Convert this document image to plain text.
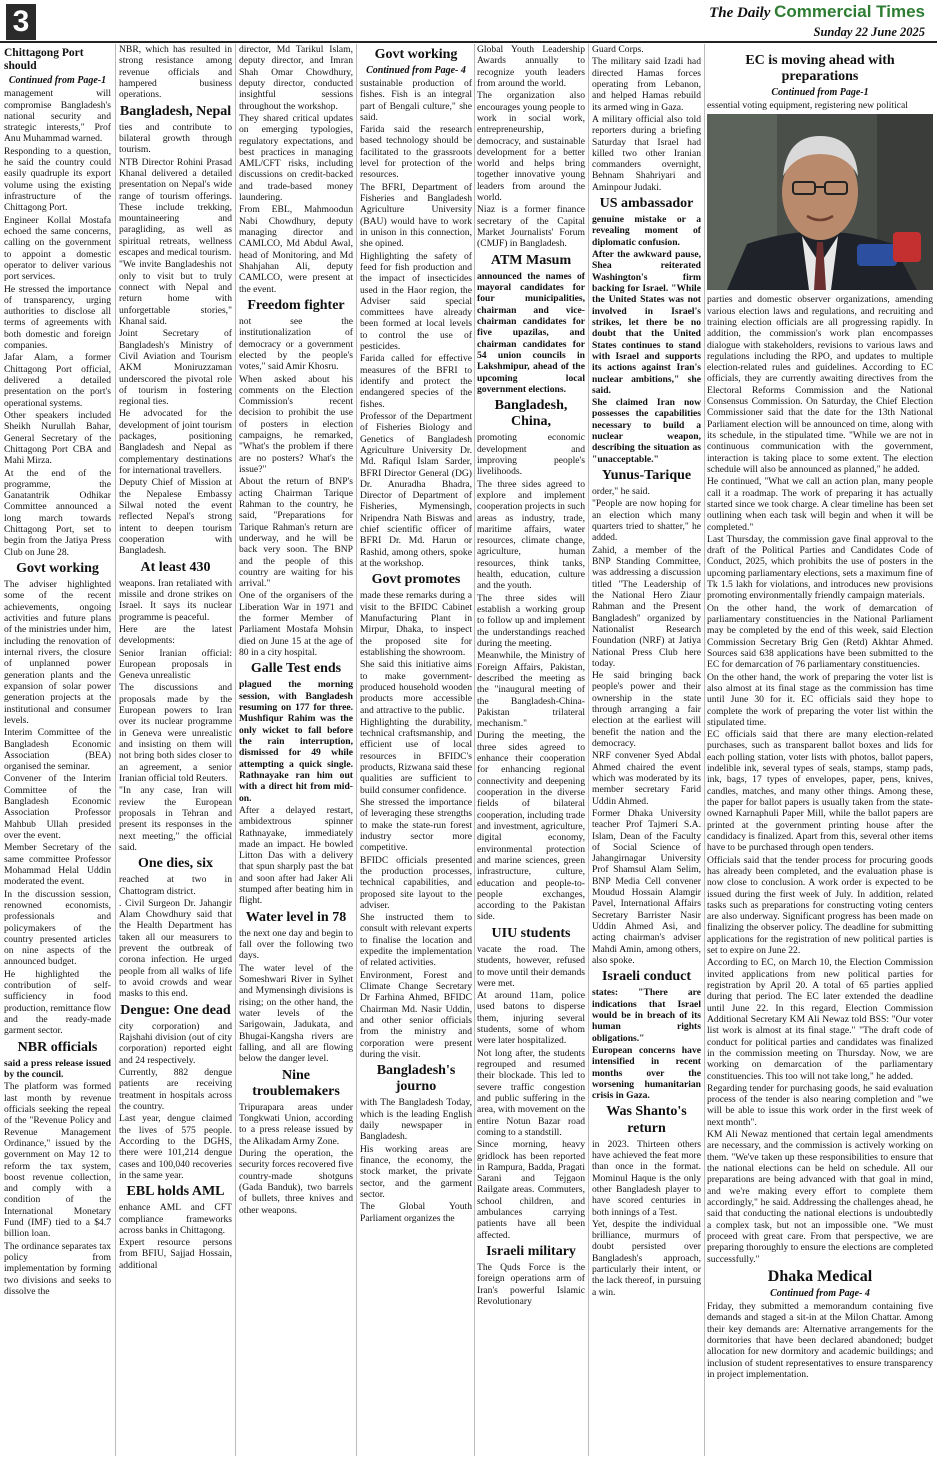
3	The Daily Commercial Times
Sunday 22 June 2025
Chittagong Port should
Continued from Page-1

management will compromise Bangladesh's national security and strategic interests," Prof Anu Muhammad warned.

Responding to a question, he said the country could easily quadruple its export volume using the existing infrastructure of the Chittagong Port.

Engineer Kollal Mostafa echoed the same concerns, calling on the government to appoint a domestic operator to deliver various port services.

He stressed the importance of transparency, urging authorities to disclose all terms of agreements with both domestic and foreign companies.

Jafar Alam, a former Chittagong Port official, delivered a detailed presentation on the port's operational systems.

Other speakers included Sheikh Nurullah Bahar, General Secretary of the Chittagong Port CBA and Mahi Mirza.

At the end of the programme, the Ganatantrik Odhikar Committee announced a long march towards Chittagong Port, set to begin from the Jatiya Press Club on June 28.

Govt working

The adviser highlighted some of the recent achievements, ongoing activities and future plans of the ministries under him, including the renovation of internal rivers, the closure of unplanned power generation plants and the expansion of solar power generation projects at the institutional and consumer levels.

Interim Committee of the Bangladesh Economic Association (BEA) organised the seminar.

Convener of the Interim Committee of the Bangladesh Economic Association Professor Mahbub Ullah presided over the event.

Member Secretary of the same committee Professor Mohammad Helal Uddin moderated the event.

In the discussion session, renowned economists, professionals and policymakers of the country presented articles on nine aspects of the announced budget.

He highlighted the contribution of self-sufficiency in food production, remittance flow and the ready-made garment sector.

NBR officials

said a press release issued by the council.

The platform was formed last month by revenue officials seeking the repeal of the "Revenue Policy and Revenue Management Ordinance," issued by the government on May 12 to reform the tax system, boost revenue collection, and comply with a condition of the International Monetary Fund (IMF) tied to a $4.7 billion loan.

The ordinance separates tax policy from implementation by forming two divisions and seeks to dissolve the

NBR, which has resulted in strong resistance among revenue officials and hampered business operations.

Bangladesh, Nepal

ties and contribute to bilateral growth through tourism.

NTB Director Rohini Prasad Khanal delivered a detailed presentation on Nepal's wide range of tourism offerings. These include trekking, mountaineering and paragliding, as well as spiritual retreats, wellness escapes and medical tourism.

"We invite Bangladeshis not only to visit but to truly connect with Nepal and return home with unforgettable stories," Khanal said.

Joint Secretary of Bangladesh's Ministry of Civil Aviation and Tourism AKM Moniruzzaman underscored the pivotal role of tourism in fostering regional ties.

He advocated for the development of joint tourism packages, positioning Bangladesh and Nepal as complementary destinations for international travellers.

Deputy Chief of Mission at the Nepalese Embassy Silwal noted the event reflected Nepal's strong intent to deepen tourism cooperation with Bangladesh.

At least 430

weapons. Iran retaliated with missile and drone strikes on Israel. It says its nuclear programme is peaceful.

Here are the latest developments:

Senior Iranian official: European proposals in Geneva unrealistic

The discussions and proposals made by the European powers to Iran over its nuclear programme in Geneva were unrealistic and insisting on them will not bring both sides closer to an agreement, a senior Iranian official told Reuters.

"In any case, Iran will review the European proposals in Tehran and present its responses in the next meeting," the official said.

One dies, six

reached at two in Chattogram district.

. Civil Surgeon Dr. Jahangir Alam Chowdhury said that the Health Department has taken all our measurers to prevent the outbreak of corona infection. He urged people from all walks of life to avoid crowds and wear masks to this end.

Dengue: One dead

city corporation) and Rajshahi division (out of city corporation) reported eight and 24 respectively.

Currently, 882 dengue patients are receiving treatment in hospitals across the country.

Last year, dengue claimed the lives of 575 people. According to the DGHS, there were 101,214 dengue cases and 100,040 recoveries in the same year.

EBL holds AML

enhance AML and CFT compliance frameworks across banks in Chittagong.

Expert resource persons from BFIU, Sajjad Hossain, additional

director, Md Tarikul Islam, deputy director, and Imran Shah Omar Chowdhury, deputy director, conducted insightful sessions throughout the workshop.

They shared critical updates on emerging typologies, regulatory expectations, and best practices in managing AML/CFT risks, including discussions on credit-backed and trade-based money laundering.

From EBL, Mahmoodun Nabi Chowdhury, deputy managing director and CAMLCO, Md Abdul Awal, head of Monitoring, and Md Shahjahan Ali, deputy CAMLCO, were present at the event.

Freedom fighter

not see the institutionalization of democracy or a government elected by the people's votes," said Amir Khosru.

When asked about his comments on the Election Commission's recent decision to prohibit the use of posters in election campaigns, he remarked, "What's the problem if there are no posters? What's the issue?"

About the return of BNP's acting Chairman Tarique Rahman to the country, he said, "Preparations for Tarique Rahman's return are underway, and he will be back very soon. The BNP and the people of this country are waiting for his arrival."

One of the organisers of the Liberation War in 1971 and the former Member of Parliament Mostafa Mohsin died on June 15 at the age of 80 in a city hospital.

Galle Test ends

plagued the morning session, with Bangladesh resuming on 177 for three. Mushfiqur Rahim was the only wicket to fall before the rain interruption, dismissed for 49 while attempting a quick single. Rathnayake ran him out with a direct hit from mid-on.

After a delayed restart, ambidextrous spinner Rathnayake, immediately made an impact. He bowled Litton Das with a delivery that spun sharply past the bat and soon after had Jaker Ali stumped after beating him in flight.

Water level in 78

the next one day and begin to fall over the following two days.

The water level of the Someshwari River in Sylhet and Mymensingh divisions is rising; on the other hand, the water levels of the Sarigowain, Jadukata, and Bhugai-Kangsha rivers are falling, and all are flowing below the danger level.

Nine troublemakers

Tripurapara areas under Tongkwati Union, according to a press release issued by the Alikadam Army Zone.

During the operation, the security forces recovered five country-made shotguns (Gada Banduk), two barrels of bullets, three knives and other weapons.

Govt working
Continued from Page- 4

sustainable production of fishes. Fish is an integral part of Bengali culture," she said.

Farida said the research based technology should be facilitated to the grassroots level for protection of the resources.

The BFRI, Department of Fisheries and Bangladesh Agriculture University (BAU) would have to work in unison in this connection, she opined.

Highlighting the safety of feed for fish production and the impact of insecticides used in the Haor region, the Adviser said special committees have already been formed at local levels to control the use of pesticides.

Farida called for effective measures of the BFRI to identify and protect the endangered species of the fishes.

Professor of the Department of Fisheries Biology and Genetics of Bangladesh Agriculture University Dr. Md. Rafiqul Islam Sarder, BFRI Director General (DG) Dr. Anuradha Bhadra, Director of Department of Fisheries, Mymensingh, Nripendra Nath Biswas and chief scientific officer of BFRI Dr. Md. Harun or Rashid, among others, spoke at the workshop.

Govt promotes

made these remarks during a visit to the BFIDC Cabinet Manufacturing Plant in Mirpur, Dhaka, to inspect the proposed site for establishing the showroom.

She said this initiative aims to make government-produced household wooden products more accessible and attractive to the public.

Highlighting the durability, technical craftsmanship, and efficient use of local resources in BFIDC's products, Rizwana said these qualities are sufficient to build consumer confidence.

She stressed the importance of leveraging these strengths to make the state-run forest industry sector more competitive.

BFIDC officials presented the production processes, technical capabilities, and proposed site layout to the adviser.

She instructed them to consult with relevant experts to finalise the location and expedite the implementation of related activities.

Environment, Forest and Climate Change Secretary Dr Farhina Ahmed, BFIDC Chairman Md. Nasir Uddin, and other senior officials from the ministry and corporation were present during the visit.

Bangladesh's journo

with The Bangladesh Today, which is the leading English daily newspaper in Bangladesh.

His working areas are finance, the economy, the stock market, the private sector, and the garment sector.

The Global Youth Parliament organizes the

Global Youth Leadership Awards annually to recognize youth leaders from around the world.

The organization also encourages young people to work in social work, entrepreneurship, democracy, and sustainable development for a better world and helps bring together innovative young leaders from around the world.

Niaz is a former finance secretary of the Capital Market Journalists' Forum (CMJF) in Bangladesh.

ATM Masum

announced the names of mayoral candidates for four municipalities, chairman and vice-chairman candidates for five upazilas, and chairman candidates for 54 union councils in Lakshmipur, ahead of the upcoming local government elections.

Bangladesh, China,

promoting economic development and improving people's livelihoods.

The three sides agreed to explore and implement cooperation projects in such areas as industry, trade, maritime affairs, water resources, climate change, agriculture, human resources, think tanks, health, education, culture and the youth.

The three sides will establish a working group to follow up and implement the understandings reached during the meeting.

Meanwhile, the Ministry of Foreign Affairs, Pakistan, described the meeting as the "inaugural meeting of the Bangladesh-China-Pakistan trilateral mechanism."

During the meeting, the three sides agreed to enhance their cooperation for enhancing regional connectivity and deepening cooperation in the diverse fields of bilateral cooperation, including trade and investment, agriculture, digital economy, environmental protection and marine sciences, green infrastructure, culture, education and people-to-people exchanges, according to the Pakistan side.

UIU students

vacate the road. The students, however, refused to move until their demands were met.

At around 11am, police used batons to disperse them, injuring several students, some of whom were later hospitalized.

Not long after, the students regrouped and resumed their blockade. This led to severe traffic congestion and public suffering in the area, with movement on the entire Notun Bazar road coming to a standstill.

Since morning, heavy gridlock has been reported in Rampura, Badda, Pragati Sarani and Tejgaon Railgate areas. Commuters, school children, and ambulances carrying patients have all been affected.

Israeli military

The Quds Force is the foreign operations arm of Iran's powerful Islamic Revolutionary

Guard Corps.

The military said Izadi had directed Hamas forces operating from Lebanon, and helped Hamas rebuild its armed wing in Gaza.

A military official also told reporters during a briefing Saturday that Israel had killed two other Iranian commanders overnight, Behnam Shahriyari and Aminpour Judaki.

US ambassador

genuine mistake or a revealing moment of diplomatic confusion.

After the awkward pause, Shea reiterated Washington's firm backing for Israel. "While the United States was not involved in Israel's strikes, let there be no doubt that the United States continues to stand with Israel and supports its actions against Iran's nuclear ambitions," she said.

She claimed Iran now possesses the capabilities necessary to build a nuclear weapon, describing the situation as "unacceptable."

Yunus-Tarique

order," he said.

"People are now hoping for an election which many quarters tried to shatter," he added.

Zahid, a member of the BNP Standing Committee, was addressing a discussion titled "The Leadership of the National Hero Ziaur Rahman and the Present Bangladesh" organized by Nationalist Research Foundation (NRF) at Jatiya National Press Club here today.

He said bringing back people's power and their ownership in the state through arranging a fair election at the earliest will benefit the nation and the democracy.

NRF convener Syed Abdal Ahmed chaired the event which was moderated by its member secretary Farid Uddin Ahmed.

Former Dhaka University teacher Prof Tajmeri S.A. Islam, Dean of the Faculty of Social Science of Jahangirnagar University Prof Shamsul Alam Selim, BNP Media Cell convener Moudud Hossain Alamgir Pavel, International Affairs Secretary Barrister Nasir Uddin Ahmed Asi, and acting chairman's adviser Mahdi Amin, among others, also spoke.

Israeli conduct

states: "There are indications that Israel would be in breach of its human rights obligations."

European concerns have intensified in recent months over the worsening humanitarian crisis in Gaza.

Was Shanto's return

in 2023. Thirteen others have achieved the feat more than once in the format. Mominul Haque is the only other Bangladesh player to have scored centuries in both innings of a Test.

Yet, despite the individual brilliance, murmurs of doubt persisted over Bangladesh's approach, particularly their intent, or the lack thereof, in pursuing a win.

EC is moving ahead with preparations
Continued from Page-1

essential voting equipment, registering new political

parties and domestic observer organizations, amending various election laws and regulations, and recruiting and training election officials are all progressing rapidly. In addition, the commission's work plan encompasses dialogue with stakeholders, revisions to various laws and regulations including the RPO, and updates to multiple election-related rules and guidelines. According to EC officials, they are currently awaiting directives from the Electoral Reforms Commission and the National Consensus Commission. On Saturday, the Chief Election Commissioner said that the date for the 13th National Parliament election will be announced on time, along with its schedule, in the stipulated time. "While we are not in continuous communication with the government, interaction is taking place to some extent. The election schedule will also be announced as planned," he added.

He continued, "What we call an action plan, many people call it a roadmap. The work of preparing it has actually started since we took charge. A clear timeline has been set outlining when each task will begin and when it will be completed."

Last Thursday, the commission gave final approval to the draft of the Political Parties and Candidates Code of Conduct, 2025, which prohibits the use of posters in the upcoming parliamentary elections, sets a maximum fine of Tk 1.5 lakh for violations, and introduces new provisions promoting environmentally friendly campaign materials.

On the other hand, the work of demarcation of parliamentary constituencies in the National Parliament may be completed by the end of this week, said Election Commission Secretary Brig Gen (Retd) Akhtar Ahmed. Sources said 638 applications have been submitted to the EC for demarcation of 76 parliamentary constituencies.

On the other hand, the work of preparing the voter list is also almost at its final stage as the commission has time until June 30 for it. EC officials said they hope to complete the work of preparing the voter list within the stipulated time.

EC officials said that there are many election-related purchases, such as transparent ballot boxes and lids for each polling station, voter lists with photos, ballot papers, indelible ink, several types of seals, stamps, stamp pads, ink, bags, 17 types of envelopes, paper, pens, knives, candles, matches, and many other things. Among these, the paper for ballot papers is usually taken from the state-owned Karnaphuli Paper Mill, while the ballot papers are printed at the government printing house after the candidacy is finalized. Apart from this, several other items have to be purchased through open tenders.

Officials said that the tender process for procuring goods has already been completed, and the evaluation phase is now close to conclusion. A work order is expected to be issued during the first week of July. In addition, related tasks such as preparations for constructing voting centers are also underway. Significant progress has been made on finalizing the observer policy. The deadline for submitting applications for the registration of new political parties is set to expire on June 22.

According to EC, on March 10, the Election Commission invited applications from new political parties for registration by April 20. A total of 65 parties applied during that period. The EC later extended the deadline until June 22. In this regard, Election Commission Additional Secretary KM Ali Newaz told BSS: "Our voter list work is almost at its final stage." "The draft code of conduct for political parties and candidates was finalized in the commission meeting on Thursday. Now, we are working on demarcation of the parliamentary constituencies. This too will not take long," he added.

Regarding tender for purchasing goods, he said evaluation process of the tender is also nearing completion and "we will be able to issue this work order in the first week of next month".

KM Ali Newaz mentioned that certain legal amendments are necessary, and the commission is actively working on them. "We've taken up these responsibilities to ensure that the national elections can be held on schedule. All our preparations are being advanced with that goal in mind, and we're making every effort to complete them accordingly," he said. Addressing the challenges ahead, he said that conducting the national elections is undoubtedly a complex task, but not an impossible one. "We must proceed with great care. From that perspective, we are preparing thoroughly to ensure the elections are completed successfully."

Dhaka Medical
Continued from Page- 4

Friday, they submitted a memorandum containing five demands and staged a sit-in at the Milon Chattar. Among their key demands are: Alternative arrangements for the dormitories that have been declared abandoned; budget allocation for new dormitory and academic buildings; and inclusion of student representatives to ensure transparency in project implementation.
